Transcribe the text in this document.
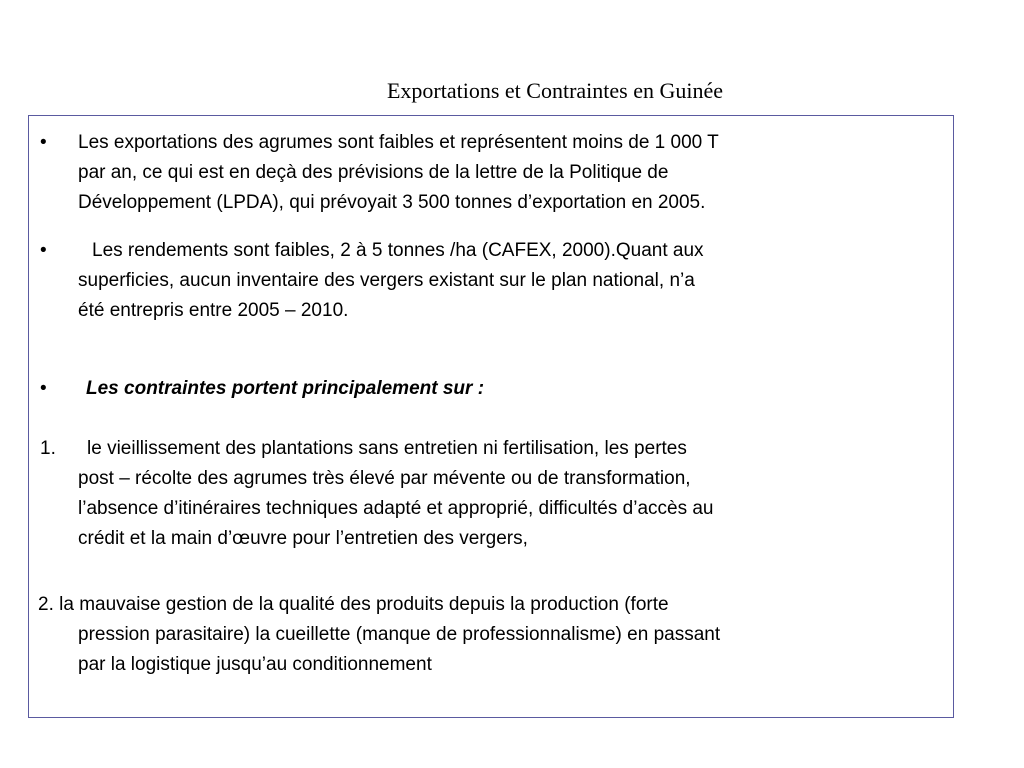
Exportations et Contraintes en Guinée
• Les exportations des agrumes sont faibles et représentent moins de 1 000 T

par an, ce qui est en deçà des prévisions de la lettre de la Politique de

Développement (LPDA), qui prévoyait 3 500 tonnes d’exportation en 2005.

• Les rendements sont faibles, 2 à 5 tonnes /ha (CAFEX, 2000).Quant aux

superficies, aucun inventaire des vergers existant sur le plan national, n’a

été entrepris entre 2005 – 2010.

• Les contraintes portent principalement sur :

1. le vieillissement des plantations sans entretien ni fertilisation, les pertes

post – récolte des agrumes très élevé par mévente ou de transformation,

l’absence d’itinéraires techniques adapté et approprié, difficultés d’accès au

crédit et la main d’œuvre pour l’entretien des vergers,

2. la mauvaise gestion de la qualité des produits depuis la production (forte

pression parasitaire) la cueillette (manque de professionnalisme) en passant

par la logistique jusqu’au conditionnement
